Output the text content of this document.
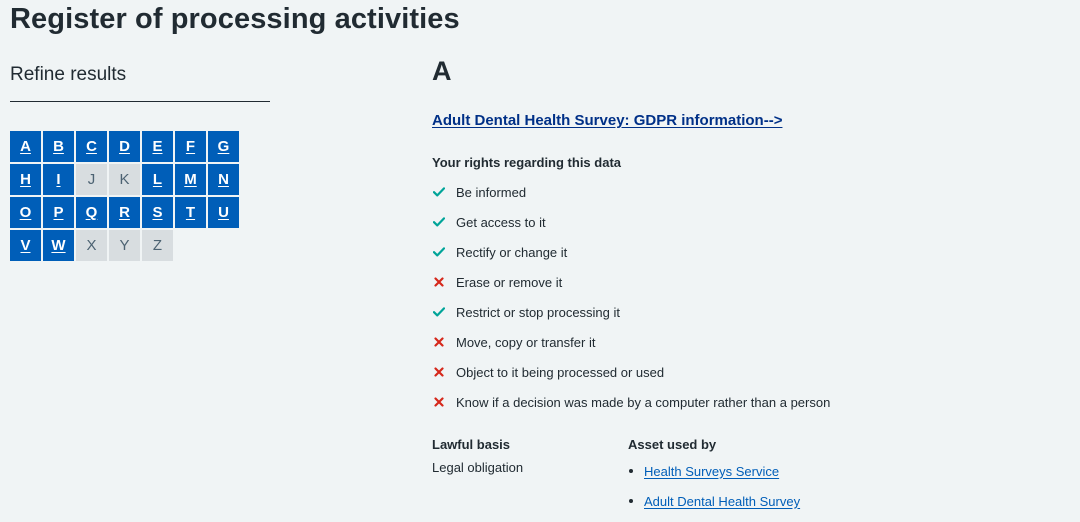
Register of processing activities
Refine results
A B C D E F G
H I J K L M N
O P Q R S T U
V W X Y Z
A
Adult Dental Health Survey: GDPR information-->
Your rights regarding this data
Be informed
Get access to it
Rectify or change it
Erase or remove it
Restrict or stop processing it
Move, copy or transfer it
Object to it being processed or used
Know if a decision was made by a computer rather than a person

Lawful basis

Legal obligation

Asset used by

Health Surveys Service
Adult Dental Health Survey
